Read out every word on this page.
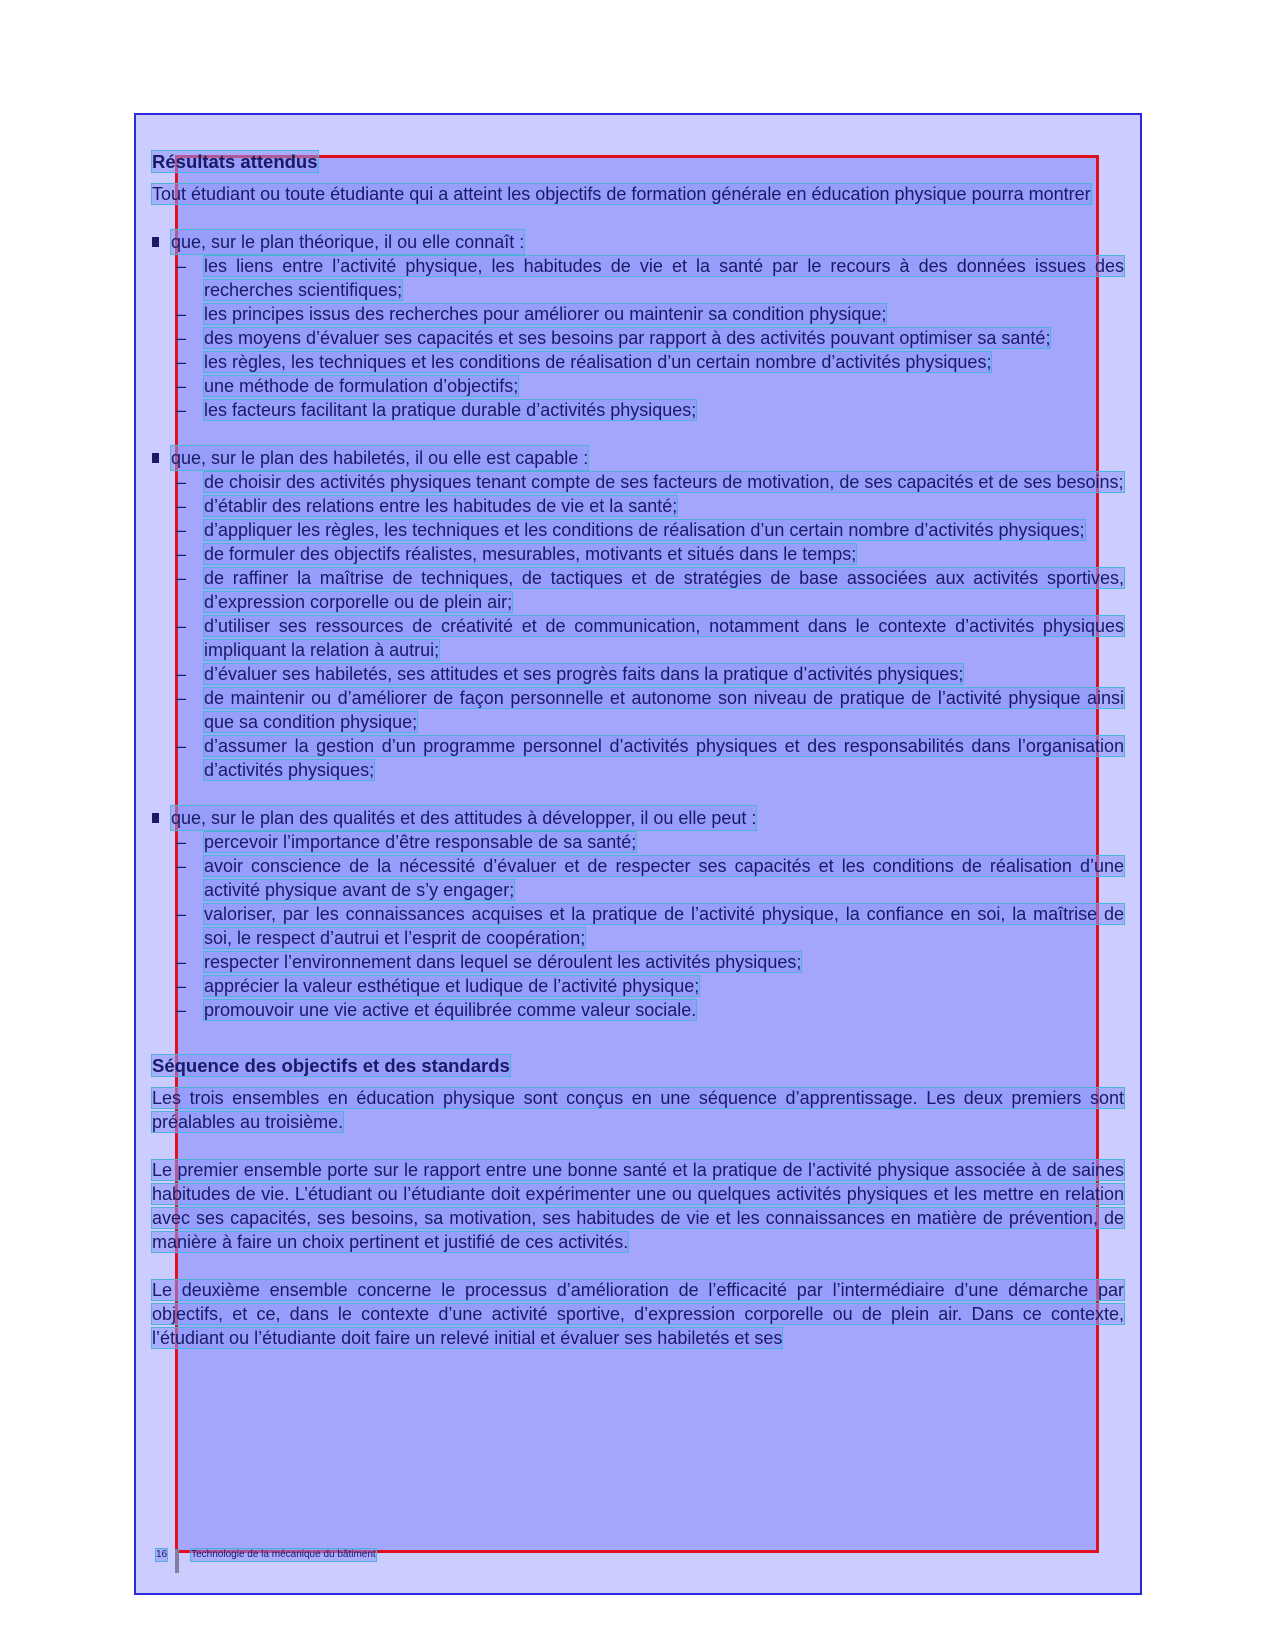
Résultats attendus

Tout étudiant ou toute étudiante qui a atteint les objectifs de formation générale en éducation physique pourra montrer

que, sur le plan théorique, il ou elle connaît :
– les liens entre l’activité physique, les habitudes de vie et la santé par le recours à des données issues des recherches scientifiques;
– les principes issus des recherches pour améliorer ou maintenir sa condition physique;
– des moyens d’évaluer ses capacités et ses besoins par rapport à des activités pouvant optimiser sa santé;
– les règles, les techniques et les conditions de réalisation d’un certain nombre d’activités physiques;
– une méthode de formulation d’objectifs;
– les facteurs facilitant la pratique durable d’activités physiques;
que, sur le plan des habiletés, il ou elle est capable :
– de choisir des activités physiques tenant compte de ses facteurs de motivation, de ses capacités et de ses besoins;
– d’établir des relations entre les habitudes de vie et la santé;
– d’appliquer les règles, les techniques et les conditions de réalisation d’un certain nombre d’activités physiques;
– de formuler des objectifs réalistes, mesurables, motivants et situés dans le temps;
– de raffiner la maîtrise de techniques, de tactiques et de stratégies de base associées aux activités sportives, d’expression corporelle ou de plein air;
– d’utiliser ses ressources de créativité et de communication, notamment dans le contexte d’activités physiques impliquant la relation à autrui;
– d’évaluer ses habiletés, ses attitudes et ses progrès faits dans la pratique d’activités physiques;
– de maintenir ou d’améliorer de façon personnelle et autonome son niveau de pratique de l’activité physique ainsi que sa condition physique;
– d’assumer la gestion d’un programme personnel d’activités physiques et des responsabilités dans l’organisation d’activités physiques;
que, sur le plan des qualités et des attitudes à développer, il ou elle peut :
– percevoir l’importance d’être responsable de sa santé;
– avoir conscience de la nécessité d’évaluer et de respecter ses capacités et les conditions de réalisation d’une activité physique avant de s’y engager;
– valoriser, par les connaissances acquises et la pratique de l’activité physique, la confiance en soi, la maîtrise de soi, le respect d’autrui et l’esprit de coopération;
– respecter l’environnement dans lequel se déroulent les activités physiques;
– apprécier la valeur esthétique et ludique de l’activité physique;
– promouvoir une vie active et équilibrée comme valeur sociale.
Séquence des objectifs et des standards

Les trois ensembles en éducation physique sont conçus en une séquence d’apprentissage. Les deux premiers sont préalables au troisième.

Le premier ensemble porte sur le rapport entre une bonne santé et la pratique de l’activité physique associée à de saines habitudes de vie. L’étudiant ou l’étudiante doit expérimenter une ou quelques activités physiques et les mettre en relation avec ses capacités, ses besoins, sa motivation, ses habitudes de vie et les connaissances en matière de prévention, de manière à faire un choix pertinent et justifié de ces activités.

Le deuxième ensemble concerne le processus d’amélioration de l’efficacité par l’intermédiaire d’une démarche par objectifs, et ce, dans le contexte d’une activité sportive, d’expression corporelle ou de plein air. Dans ce contexte, l’étudiant ou l’étudiante doit faire un relevé initial et évaluer ses habiletés et ses

16 Technologie de la mécanique du bâtiment
